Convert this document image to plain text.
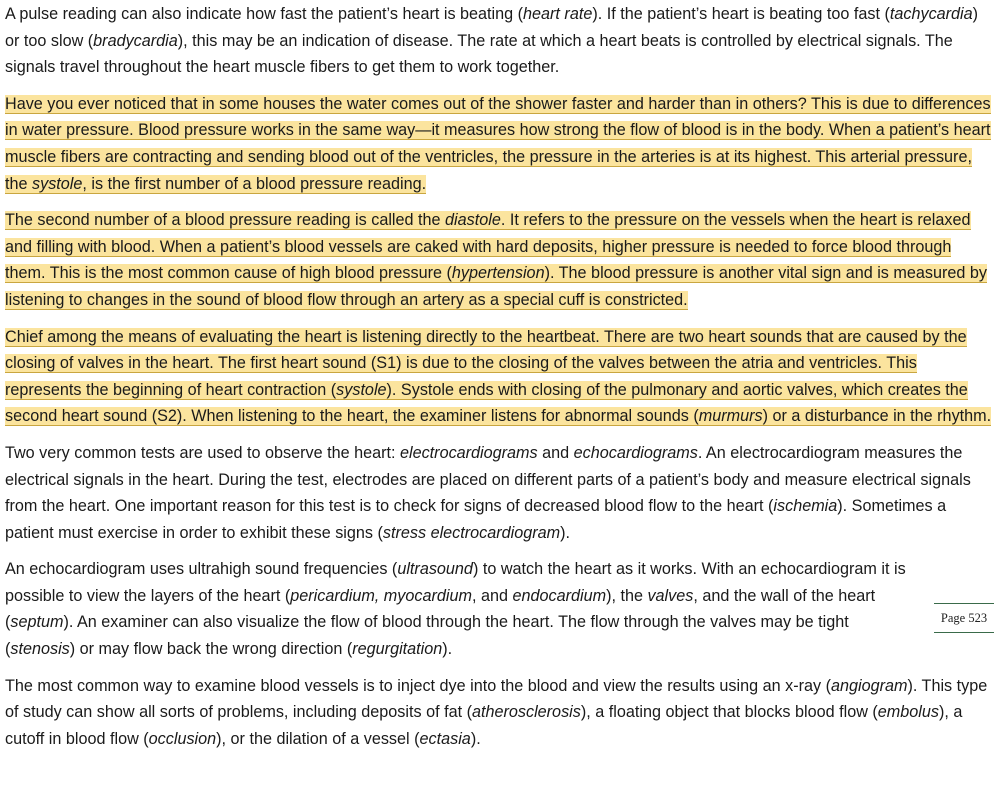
A pulse reading can also indicate how fast the patient’s heart is beating (heart rate). If the patient’s heart is beating too fast (tachycardia) or too slow (bradycardia), this may be an indication of disease. The rate at which a heart beats is controlled by electrical signals. The signals travel throughout the heart muscle fibers to get them to work together.

Have you ever noticed that in some houses the water comes out of the shower faster and harder than in others? This is due to differences in water pressure. Blood pressure works in the same way—it measures how strong the flow of blood is in the body. When a patient’s heart muscle fibers are contracting and sending blood out of the ventricles, the pressure in the arteries is at its highest. This arterial pressure, the systole, is the first number of a blood pressure reading.

The second number of a blood pressure reading is called the diastole. It refers to the pressure on the vessels when the heart is relaxed and filling with blood. When a patient’s blood vessels are caked with hard deposits, higher pressure is needed to force blood through them. This is the most common cause of high blood pressure (hypertension). The blood pressure is another vital sign and is measured by listening to changes in the sound of blood flow through an artery as a special cuff is constricted.

Chief among the means of evaluating the heart is listening directly to the heartbeat. There are two heart sounds that are caused by the closing of valves in the heart. The first heart sound (S1) is due to the closing of the valves between the atria and ventricles. This represents the beginning of heart contraction (systole). Systole ends with closing of the pulmonary and aortic valves, which creates the second heart sound (S2). When listening to the heart, the examiner listens for abnormal sounds (murmurs) or a disturbance in the rhythm.

Two very common tests are used to observe the heart: electrocardiograms and echocardiograms. An electrocardiogram measures the electrical signals in the heart. During the test, electrodes are placed on different parts of a patient’s body and measure electrical signals from the heart. One important reason for this test is to check for signs of decreased blood flow to the heart (ischemia). Sometimes a patient must exercise in order to exhibit these signs (stress electrocardiogram).

An echocardiogram uses ultrahigh sound frequencies (ultrasound) to watch the heart as it works. With an echocardiogram it is possible to view the layers of the heart (pericardium, myocardium, and endocardium), the valves, and the wall of the heart (septum). An examiner can also visualize the flow of blood through the heart. The flow through the valves may be tight (stenosis) or may flow back the wrong direction (regurgitation).

The most common way to examine blood vessels is to inject dye into the blood and view the results using an x-ray (angiogram). This type of study can show all sorts of problems, including deposits of fat (atherosclerosis), a floating object that blocks blood flow (embolus), a cutoff in blood flow (occlusion), or the dilation of a vessel (ectasia).

Page 523
